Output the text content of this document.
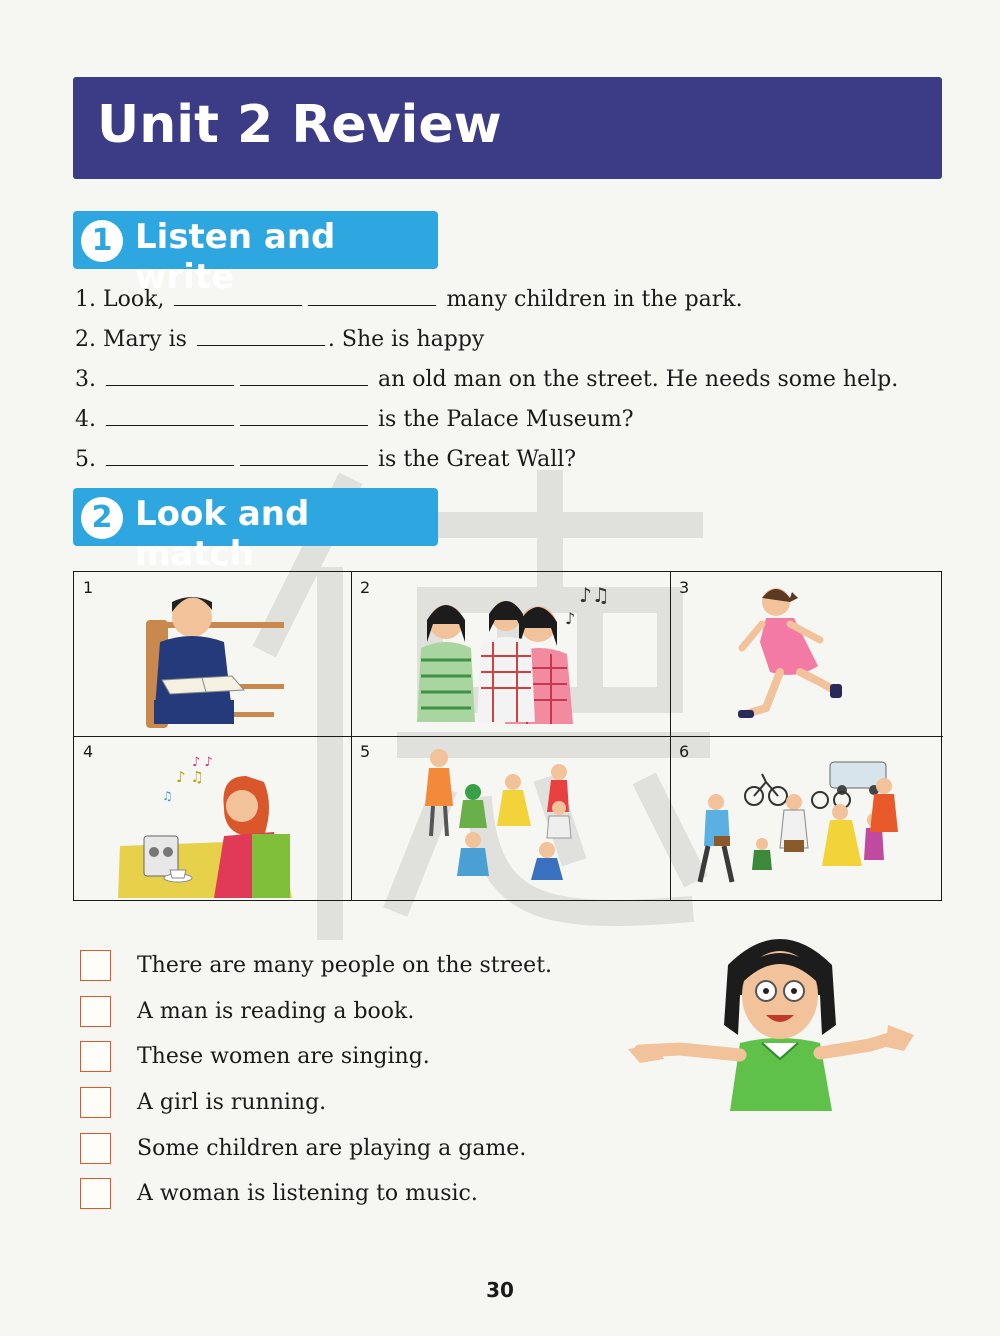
Unit 2 Review
1 Listen and write
1. Look,	many children in the park.
2. Mary is	. She is happy
3.	an old man on the street. He needs some help.
4.	is the Palace Museum?
5.	is the Great Wall?
2 Look and match
1	♪♫
♪
2	3
♪ ♫
♪ ♪
♫
4	5	6
There are many people on the street.
A man is reading a book.
These women are singing.
A girl is running.
Some children are playing a game.
A woman is listening to music.
30
